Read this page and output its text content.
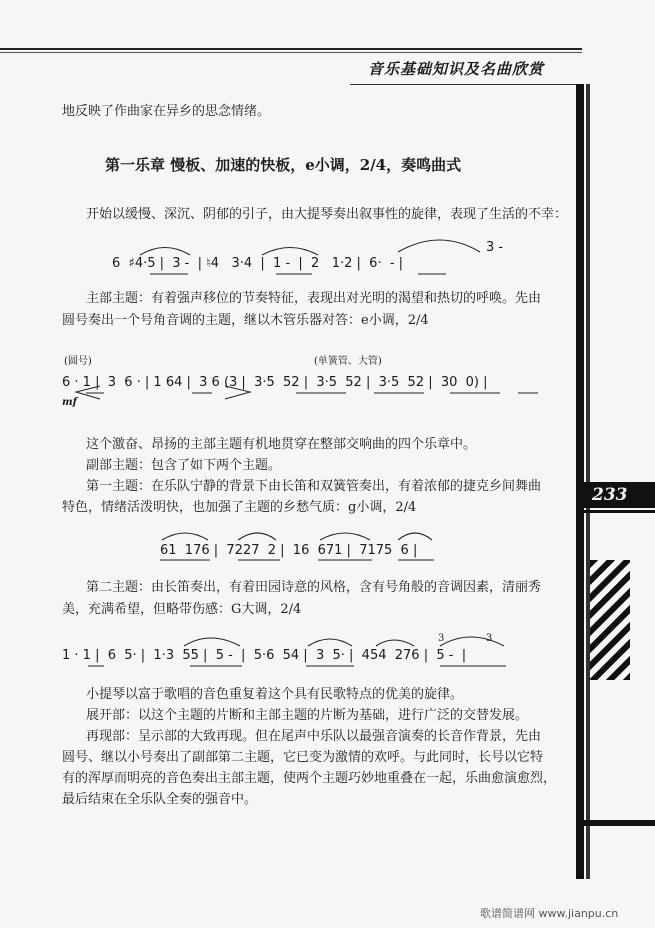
音乐基础知识及名曲欣赏
233
地反映了作曲家在异乡的思念情绪。
第一乐章 慢板、加速的快板，e小调，2/4，奏鸣曲式
开始以缓慢、深沉、阴郁的引子，由大提琴奏出叙事性的旋律，表现了生活的不幸：
3 -
6  ♯4·5 |  3 -  | ♮4   3·4  |  1 -  |  2   1·2 |  6·  - |
主部主题：有着强声移位的节奏特征，表现出对光明的渴望和热切的呼唤。先由
圆号奏出一个号角音调的主题，继以木管乐器对答：e小调，2/4
(圆号)	(单簧管、大管)
6 · 1 |  3  6 · | 1 64 |  3 6 (3 |  3·5  52 |  3·5  52 |  3·5  52 |  30  0) |
mf
这个激奋、昂扬的主部主题有机地贯穿在整部交响曲的四个乐章中。
副部主题：包含了如下两个主题。
第一主题：在乐队宁静的背景下由长笛和双簧管奏出，有着浓郁的捷克乡间舞曲
特色，情绪活泼明快，也加强了主题的乡愁气质：g小调，2/4
61  176 |  7227  2 |  16  671 |  7175  6 |
第二主题：由长笛奏出，有着田园诗意的风格，含有号角般的音调因素，清丽秀
美，充满希望，但略带伤感：G大调，2/4
3	3
1 · 1 |  6  5· |  1·3  55 |  5 -  |  5·6  54 |  3  5· |  454  276 |  5 -  |
小提琴以富于歌唱的音色重复着这个具有民歌特点的优美的旋律。
展开部：以这个主题的片断和主部主题的片断为基础，进行广泛的交替发展。
再现部：呈示部的大致再现。但在尾声中乐队以最强音演奏的长音作背景，先由
圆号、继以小号奏出了副部第二主题，它已变为激情的欢呼。与此同时，长号以它特
有的浑厚而明亮的音色奏出主部主题，使两个主题巧妙地重叠在一起，乐曲愈演愈烈，
最后结束在全乐队全奏的强音中。
歌谱简谱网 www.jianpu.cn
